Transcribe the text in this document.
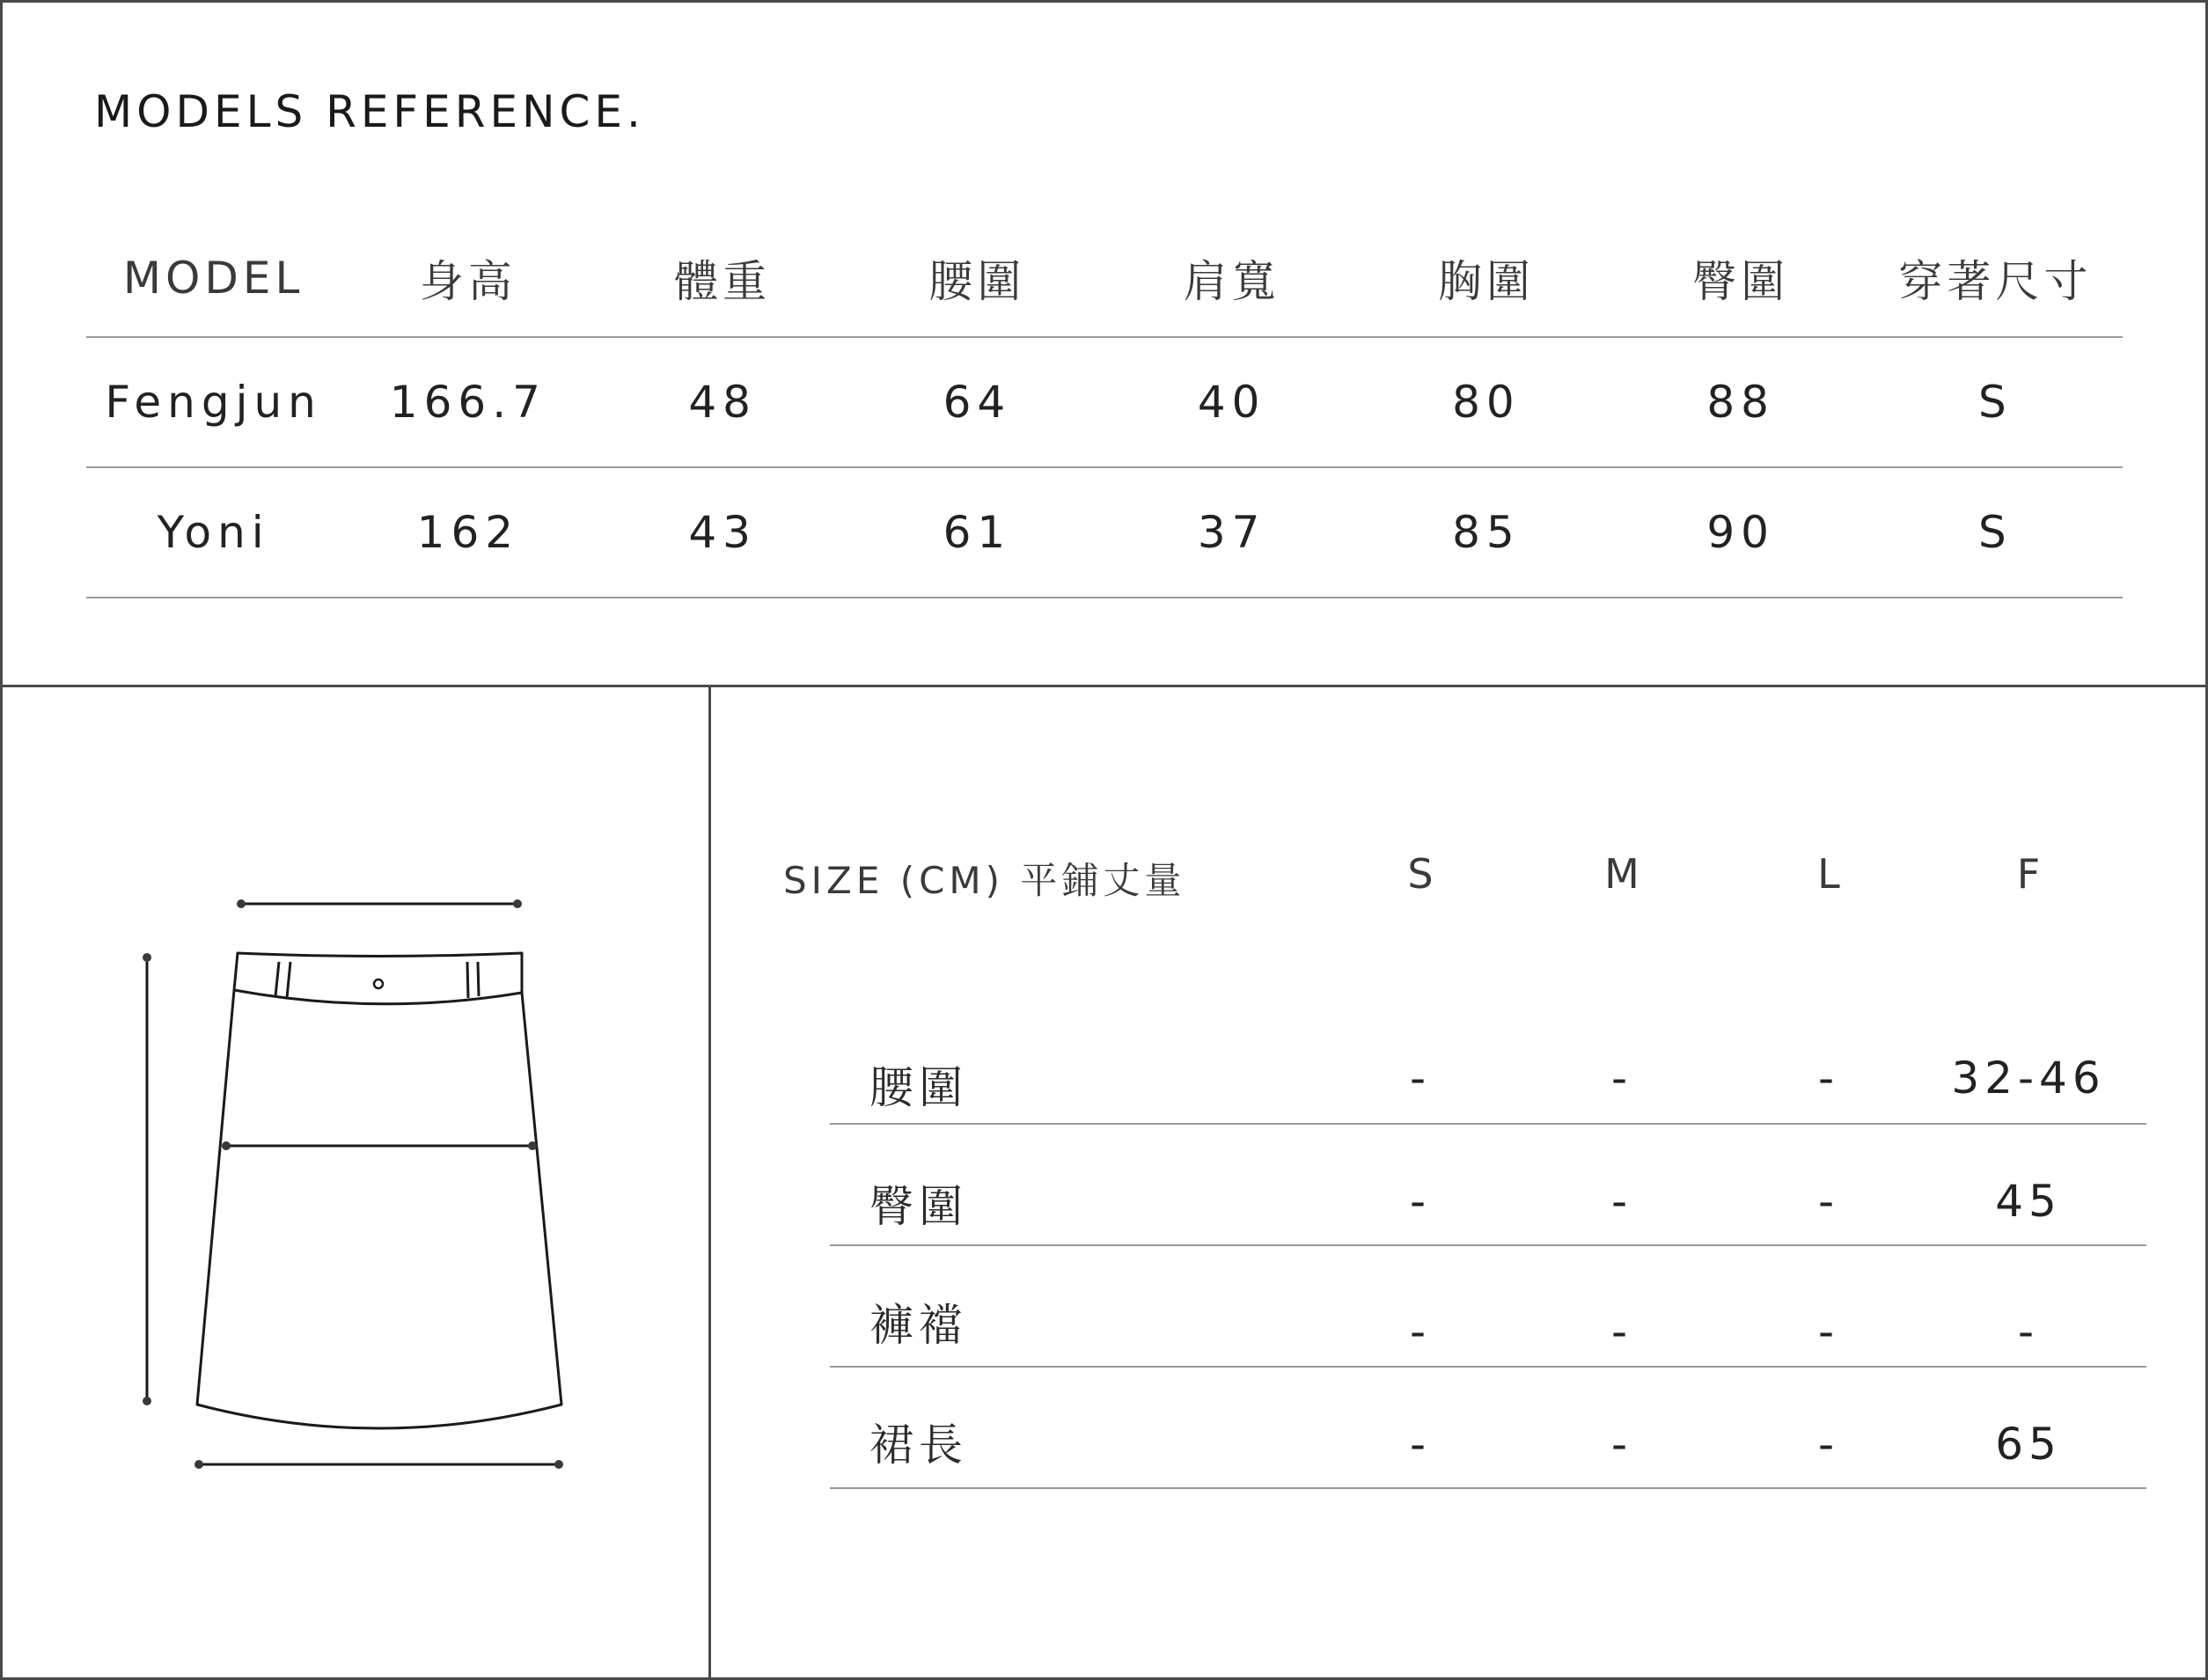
MODELS REFERENCE.
MODEL	身高	體重	腰圍	肩寬	胸圍	臀圍	穿著尺寸
Fengjun	166.7	48	64	40	80	88	S
Yoni	162	43	61	37	85	90	S
SIZE (CM) 平鋪丈量	S	M	L	F
腰圍	-	-	-	32-46
臀圍	-	-	-	45
褲襠	-	-	-	-
裙長	-	-	-	65
